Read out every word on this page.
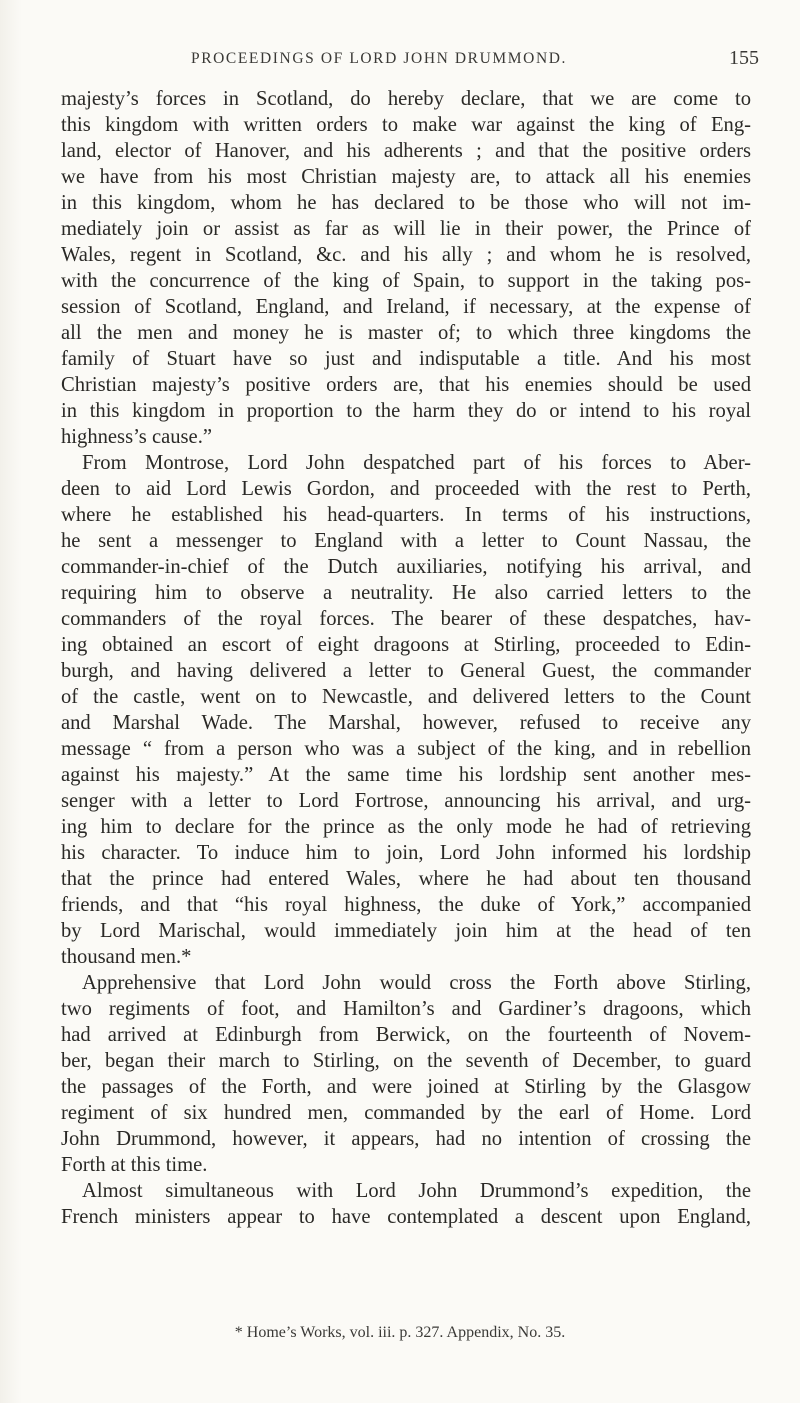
PROCEEDINGS OF LORD JOHN DRUMMOND.	155
majesty’s forces in Scotland, do hereby declare, that we are come to
this kingdom with written orders to make war against the king of Eng-
land, elector of Hanover, and his adherents ; and that the positive orders
we have from his most Christian majesty are, to attack all his enemies
in this kingdom, whom he has declared to be those who will not im-
mediately join or assist as far as will lie in their power, the Prince of
Wales, regent in Scotland, &c. and his ally ; and whom he is resolved,
with the concurrence of the king of Spain, to support in the taking pos-
session of Scotland, England, and Ireland, if necessary, at the expense of
all the men and money he is master of; to which three kingdoms the
family of Stuart have so just and indisputable a title. And his most
Christian majesty’s positive orders are, that his enemies should be used
in this kingdom in proportion to the harm they do or intend to his royal
highness’s cause.”
From Montrose, Lord John despatched part of his forces to Aber-
deen to aid Lord Lewis Gordon, and proceeded with the rest to Perth,
where he established his head-quarters. In terms of his instructions,
he sent a messenger to England with a letter to Count Nassau, the
commander-in-chief of the Dutch auxiliaries, notifying his arrival, and
requiring him to observe a neutrality. He also carried letters to the
commanders of the royal forces. The bearer of these despatches, hav-
ing obtained an escort of eight dragoons at Stirling, proceeded to Edin-
burgh, and having delivered a letter to General Guest, the commander
of the castle, went on to Newcastle, and delivered letters to the Count
and Marshal Wade. The Marshal, however, refused to receive any
message “ from a person who was a subject of the king, and in rebellion
against his majesty.” At the same time his lordship sent another mes-
senger with a letter to Lord Fortrose, announcing his arrival, and urg-
ing him to declare for the prince as the only mode he had of retrieving
his character. To induce him to join, Lord John informed his lordship
that the prince had entered Wales, where he had about ten thousand
friends, and that “his royal highness, the duke of York,” accompanied
by Lord Marischal, would immediately join him at the head of ten
thousand men.*
Apprehensive that Lord John would cross the Forth above Stirling,
two regiments of foot, and Hamilton’s and Gardiner’s dragoons, which
had arrived at Edinburgh from Berwick, on the fourteenth of Novem-
ber, began their march to Stirling, on the seventh of December, to guard
the passages of the Forth, and were joined at Stirling by the Glasgow
regiment of six hundred men, commanded by the earl of Home. Lord
John Drummond, however, it appears, had no intention of crossing the
Forth at this time.
Almost simultaneous with Lord John Drummond’s expedition, the
French ministers appear to have contemplated a descent upon England,
* Home’s Works, vol. iii. p. 327. Appendix, No. 35.
